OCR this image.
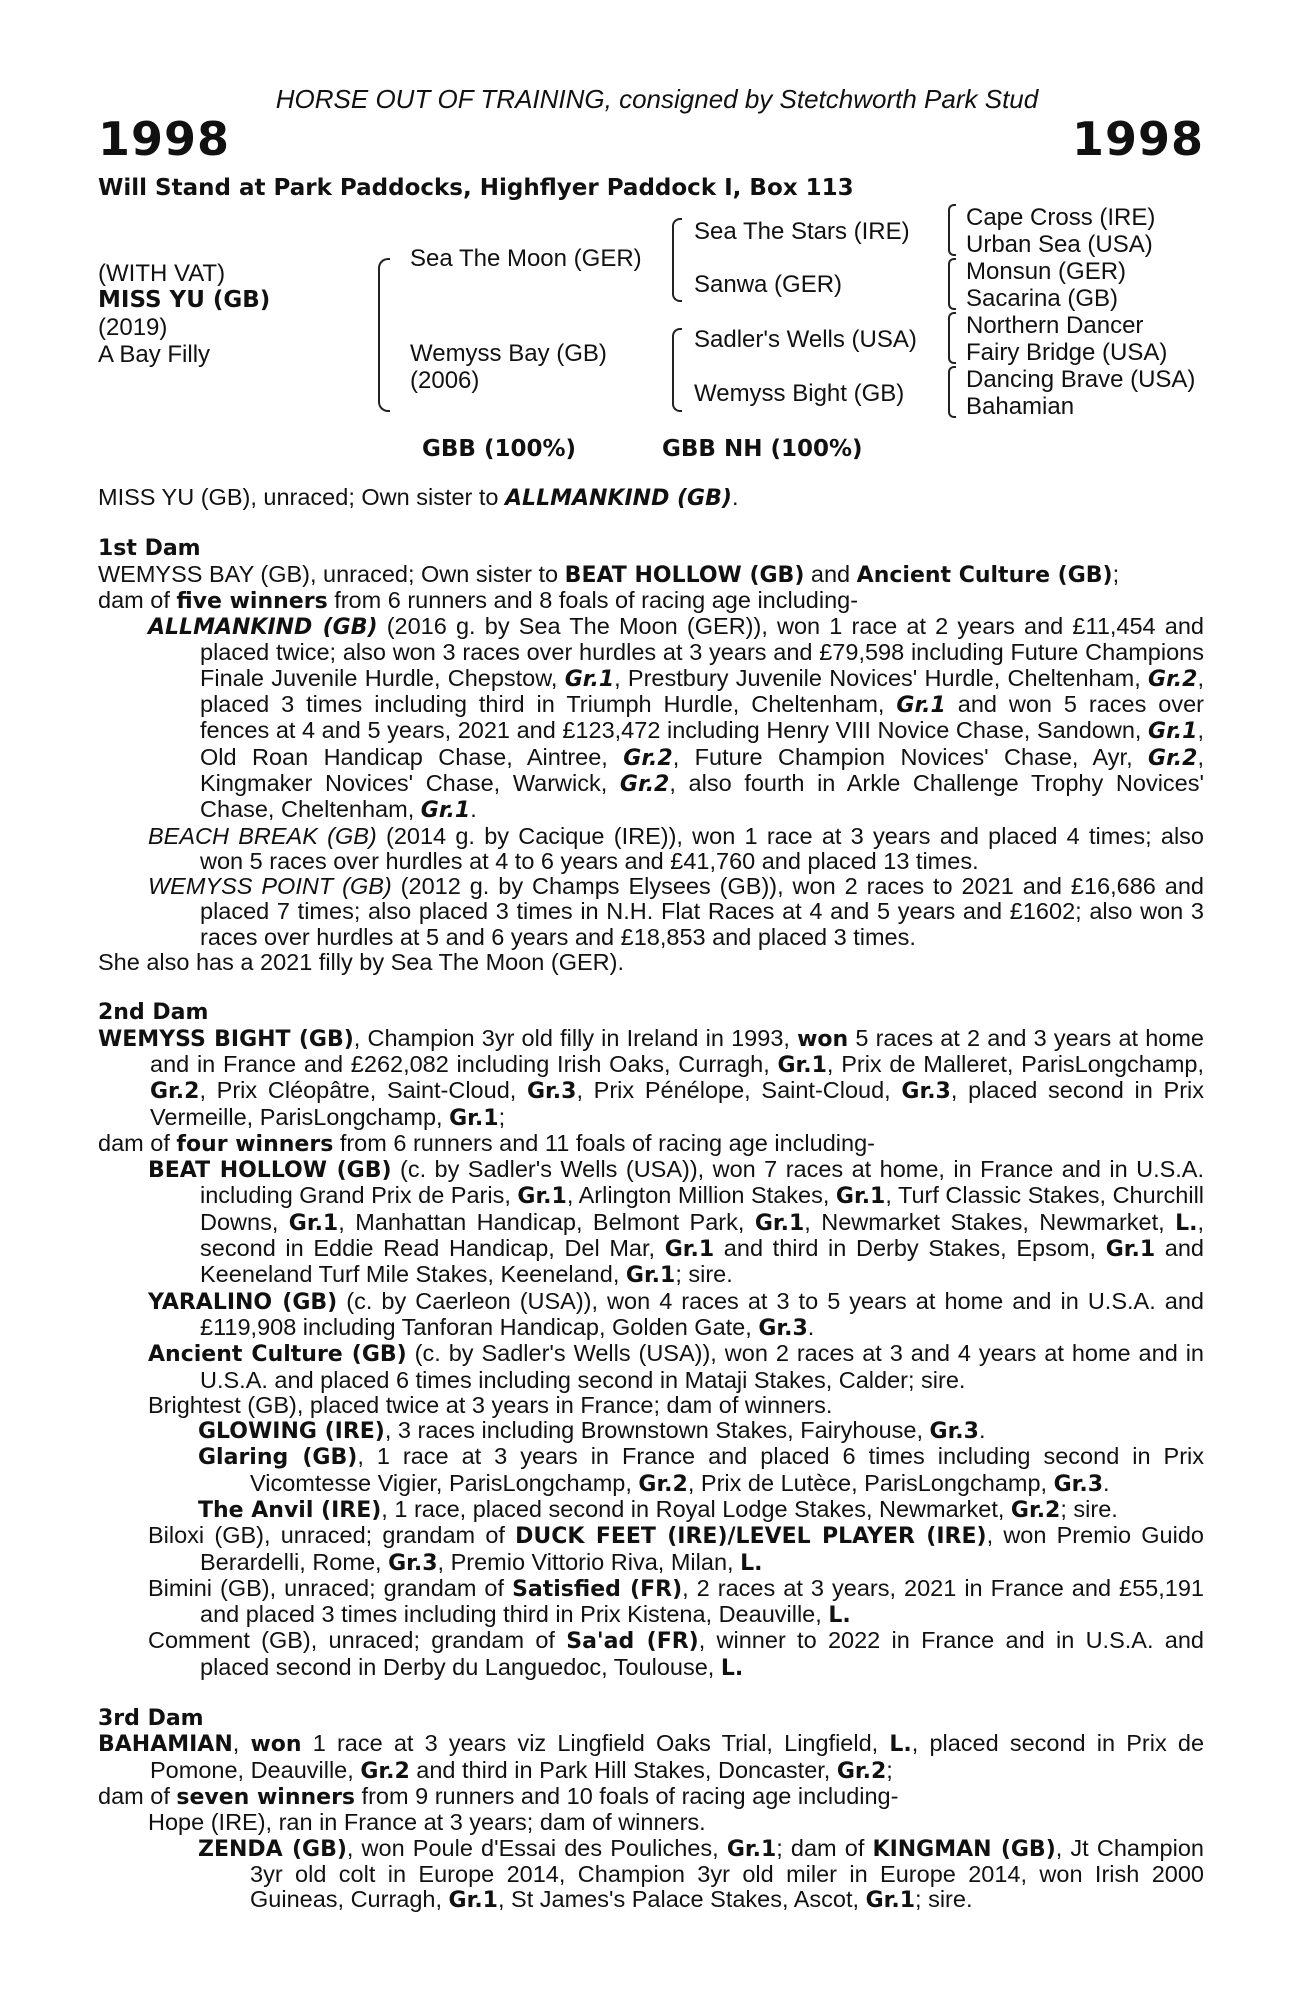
HORSE OUT OF TRAINING, consigned by Stetchworth Park Stud
1998	1998
Will Stand at Park Paddocks, Highflyer Paddock I, Box 113
(WITH VAT)
MISS YU (GB)
(2019)
A Bay Filly
Sea The Moon (GER)
Wemyss Bay (GB)
(2006)
Sea The Stars (IRE)
Sanwa (GER)
Sadler's Wells (USA)
Wemyss Bight (GB)
Cape Cross (IRE)
Urban Sea (USA)
Monsun (GER)
Sacarina (GB)
Northern Dancer
Fairy Bridge (USA)
Dancing Brave (USA)
Bahamian
GBB (100%)	GBB NH (100%)

MISS YU (GB), unraced; Own sister to ALLMANKIND (GB).

1st Dam

WEMYSS BAY (GB), unraced; Own sister to BEAT HOLLOW (GB) and Ancient Culture (GB);

dam of five winners from 6 runners and 8 foals of racing age including-

ALLMANKIND (GB) (2016 g. by Sea The Moon (GER)), won 1 race at 2 years and £11,454 and placed twice; also won 3 races over hurdles at 3 years and £79,598 including Future Champions Finale Juvenile Hurdle, Chepstow, Gr.1, Prestbury Juvenile Novices' Hurdle, Cheltenham, Gr.2, placed 3 times including third in Triumph Hurdle, Cheltenham, Gr.1 and won 5 races over fences at 4 and 5 years, 2021 and £123,472 including Henry VIII Novice Chase, Sandown, Gr.1, Old Roan Handicap Chase, Aintree, Gr.2, Future Champion Novices' Chase, Ayr, Gr.2, Kingmaker Novices' Chase, Warwick, Gr.2, also fourth in Arkle Challenge Trophy Novices' Chase, Cheltenham, Gr.1.

BEACH BREAK (GB) (2014 g. by Cacique (IRE)), won 1 race at 3 years and placed 4 times; also won 5 races over hurdles at 4 to 6 years and £41,760 and placed 13 times.

WEMYSS POINT (GB) (2012 g. by Champs Elysees (GB)), won 2 races to 2021 and £16,686 and placed 7 times; also placed 3 times in N.H. Flat Races at 4 and 5 years and £1602; also won 3 races over hurdles at 5 and 6 years and £18,853 and placed 3 times.

She also has a 2021 filly by Sea The Moon (GER).

2nd Dam

WEMYSS BIGHT (GB), Champion 3yr old filly in Ireland in 1993, won 5 races at 2 and 3 years at home and in France and £262,082 including Irish Oaks, Curragh, Gr.1, Prix de Malleret, ParisLongchamp, Gr.2, Prix Cléopâtre, Saint-Cloud, Gr.3, Prix Pénélope, Saint-Cloud, Gr.3, placed second in Prix Vermeille, ParisLongchamp, Gr.1;

dam of four winners from 6 runners and 11 foals of racing age including-

BEAT HOLLOW (GB) (c. by Sadler's Wells (USA)), won 7 races at home, in France and in U.S.A. including Grand Prix de Paris, Gr.1, Arlington Million Stakes, Gr.1, Turf Classic Stakes, Churchill Downs, Gr.1, Manhattan Handicap, Belmont Park, Gr.1, Newmarket Stakes, Newmarket, L., second in Eddie Read Handicap, Del Mar, Gr.1 and third in Derby Stakes, Epsom, Gr.1 and Keeneland Turf Mile Stakes, Keeneland, Gr.1; sire.

YARALINO (GB) (c. by Caerleon (USA)), won 4 races at 3 to 5 years at home and in U.S.A. and £119,908 including Tanforan Handicap, Golden Gate, Gr.3.

Ancient Culture (GB) (c. by Sadler's Wells (USA)), won 2 races at 3 and 4 years at home and in U.S.A. and placed 6 times including second in Mataji Stakes, Calder; sire.

Brightest (GB), placed twice at 3 years in France; dam of winners.

GLOWING (IRE), 3 races including Brownstown Stakes, Fairyhouse, Gr.3.

Glaring (GB), 1 race at 3 years in France and placed 6 times including second in Prix Vicomtesse Vigier, ParisLongchamp, Gr.2, Prix de Lutèce, ParisLongchamp, Gr.3.

The Anvil (IRE), 1 race, placed second in Royal Lodge Stakes, Newmarket, Gr.2; sire.

Biloxi (GB), unraced; grandam of DUCK FEET (IRE)/LEVEL PLAYER (IRE), won Premio Guido Berardelli, Rome, Gr.3, Premio Vittorio Riva, Milan, L.

Bimini (GB), unraced; grandam of Satisfied (FR), 2 races at 3 years, 2021 in France and £55,191 and placed 3 times including third in Prix Kistena, Deauville, L.

Comment (GB), unraced; grandam of Sa'ad (FR), winner to 2022 in France and in U.S.A. and placed second in Derby du Languedoc, Toulouse, L.

3rd Dam

BAHAMIAN, won 1 race at 3 years viz Lingfield Oaks Trial, Lingfield, L., placed second in Prix de Pomone, Deauville, Gr.2 and third in Park Hill Stakes, Doncaster, Gr.2;

dam of seven winners from 9 runners and 10 foals of racing age including-

Hope (IRE), ran in France at 3 years; dam of winners.

ZENDA (GB), won Poule d'Essai des Pouliches, Gr.1; dam of KINGMAN (GB), Jt Champion 3yr old colt in Europe 2014, Champion 3yr old miler in Europe 2014, won Irish 2000 Guineas, Curragh, Gr.1, St James's Palace Stakes, Ascot, Gr.1; sire.
